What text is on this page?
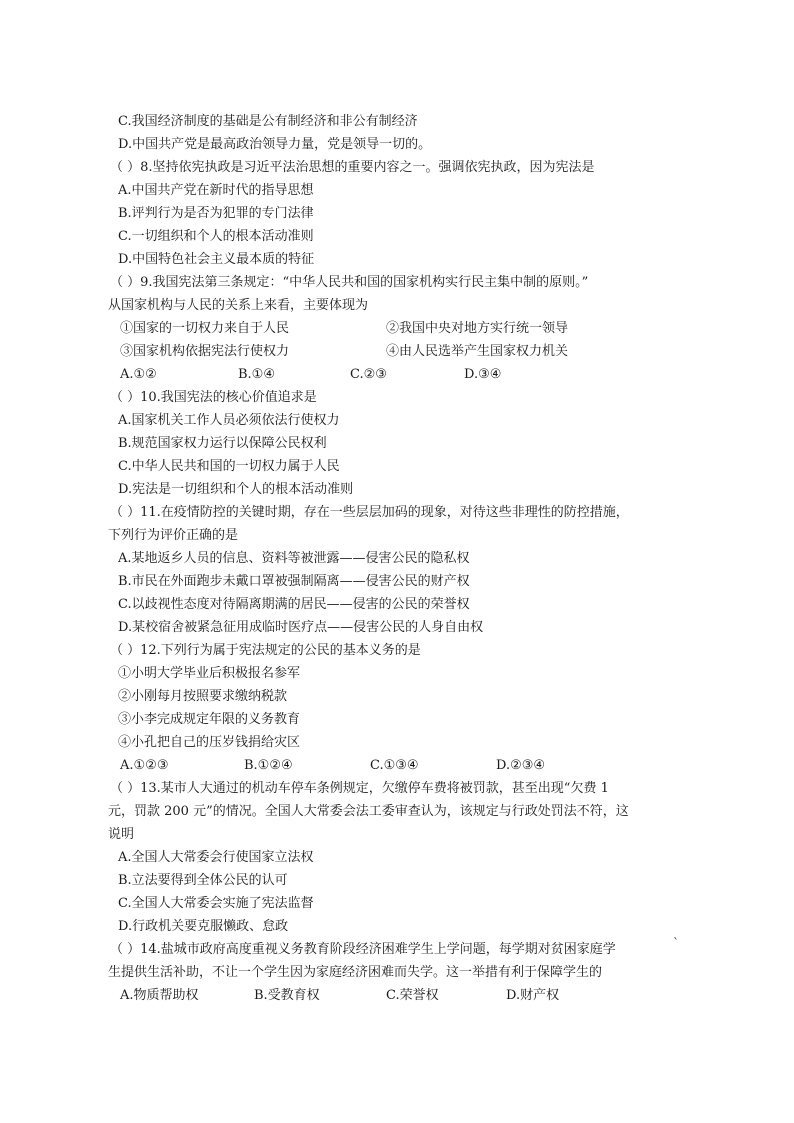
C.我国经济制度的基础是公有制经济和非公有制经济
D.中国共产党是最高政治领导力量，党是领导一切的。
（ ）8.坚持依宪执政是习近平法治思想的重要内容之一。强调依宪执政，因为宪法是
A.中国共产党在新时代的指导思想
B.评判行为是否为犯罪的专门法律
C.一切组织和个人的根本活动准则
D.中国特色社会主义最本质的特征
（ ）9.我国宪法第三条规定：“中华人民共和国的国家机构实行民主集中制的原则。”
从国家机构与人民的关系上来看，主要体现为
①国家的一切权力来自于人民	②我国中央对地方实行统一领导
③国家机构依据宪法行使权力	④由人民选举产生国家权力机关
A.①②	B.①④	C.②③	D.③④
（ ）10.我国宪法的核心价值追求是
A.国家机关工作人员必须依法行使权力
B.规范国家权力运行以保障公民权利
C.中华人民共和国的一切权力属于人民
D.宪法是一切组织和个人的根本活动准则
（ ）11.在疫情防控的关键时期，存在一些层层加码的现象，对待这些非理性的防控措施，
下列行为评价正确的是
A.某地返乡人员的信息、资料等被泄露——侵害公民的隐私权
B.市民在外面跑步未戴口罩被强制隔离——侵害公民的财产权
C.以歧视性态度对待隔离期满的居民——侵害的公民的荣誉权
D.某校宿舍被紧急征用成临时医疗点——侵害公民的人身自由权
（ ）12.下列行为属于宪法规定的公民的基本义务的是
①小明大学毕业后积极报名参军
②小刚每月按照要求缴纳税款
③小李完成规定年限的义务教育
④小孔把自己的压岁钱捐给灾区
A.①②③	B.①②④	C.①③④	D.②③④
（ ）13.某市人大通过的机动车停车条例规定，欠缴停车费将被罚款，甚至出现“欠费 1
元，罚款 200 元”的情况。全国人大常委会法工委审查认为，该规定与行政处罚法不符，这
说明
A.全国人大常委会行使国家立法权
B.立法要得到全体公民的认可
C.全国人大常委会实施了宪法监督
D.行政机关要克服懒政、怠政
（ ）14.盐城市政府高度重视义务教育阶段经济困难学生上学问题，每学期对贫困家庭学
生提供生活补助，不让一个学生因为家庭经济困难而失学。这一举措有利于保障学生的
A.物质帮助权	B.受教育权	C.荣誉权	D.财产权
`
